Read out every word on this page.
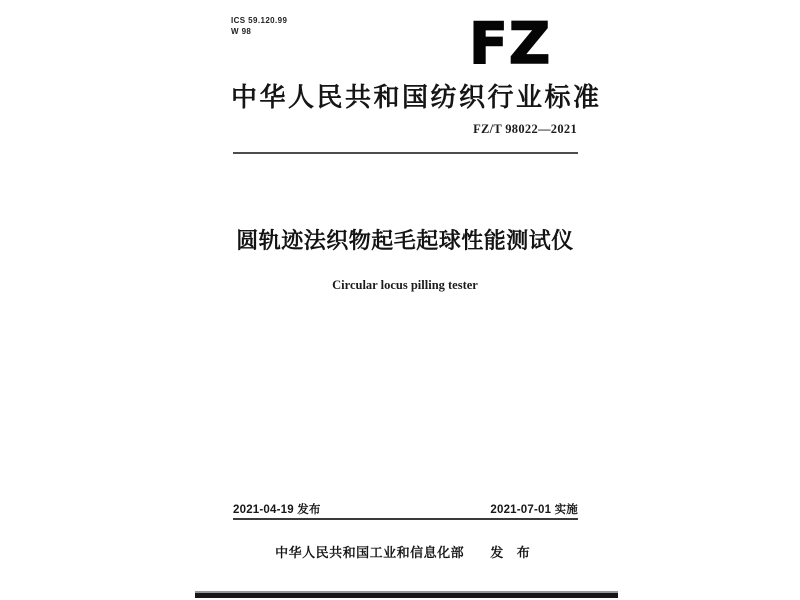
ICS 59.120.99
W 98	FZ
中华人民共和国纺织行业标准
FZ/T 98022—2021
圆轨迹法织物起毛起球性能测试仪
Circular locus pilling tester
2021-04-19 发布	2021-07-01 实施
中华人民共和国工业和信息化部 发 布
